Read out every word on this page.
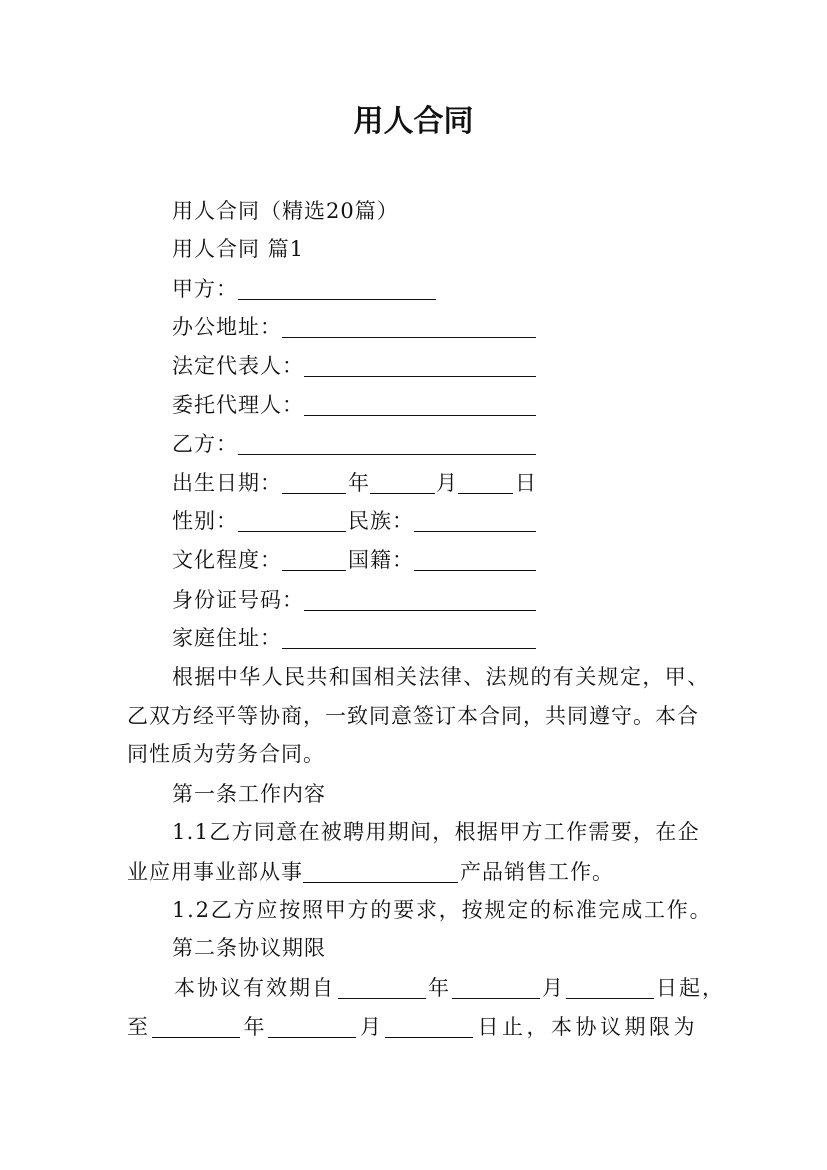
用人合同
用人合同（精选20篇）
用人合同 篇1
甲方：
办公地址：
法定代表人：
委托代理人：
乙方：
出生日期：	年	月	日
性别：	民族：
文化程度：	国籍：
身份证号码：
家庭住址：
根据中华人民共和国相关法律、法规的有关规定，甲、
乙双方经平等协商，一致同意签订本合同，共同遵守。本合
同性质为劳务合同。
第一条工作内容
1.1乙方同意在被聘用期间，根据甲方工作需要，在企
业应用事业部从事	产品销售工作。
1.2乙方应按照甲方的要求，按规定的标准完成工作。
第二条协议期限
本协议有效期自	年	月	日起，
至	年	月	日止，本协议期限为
